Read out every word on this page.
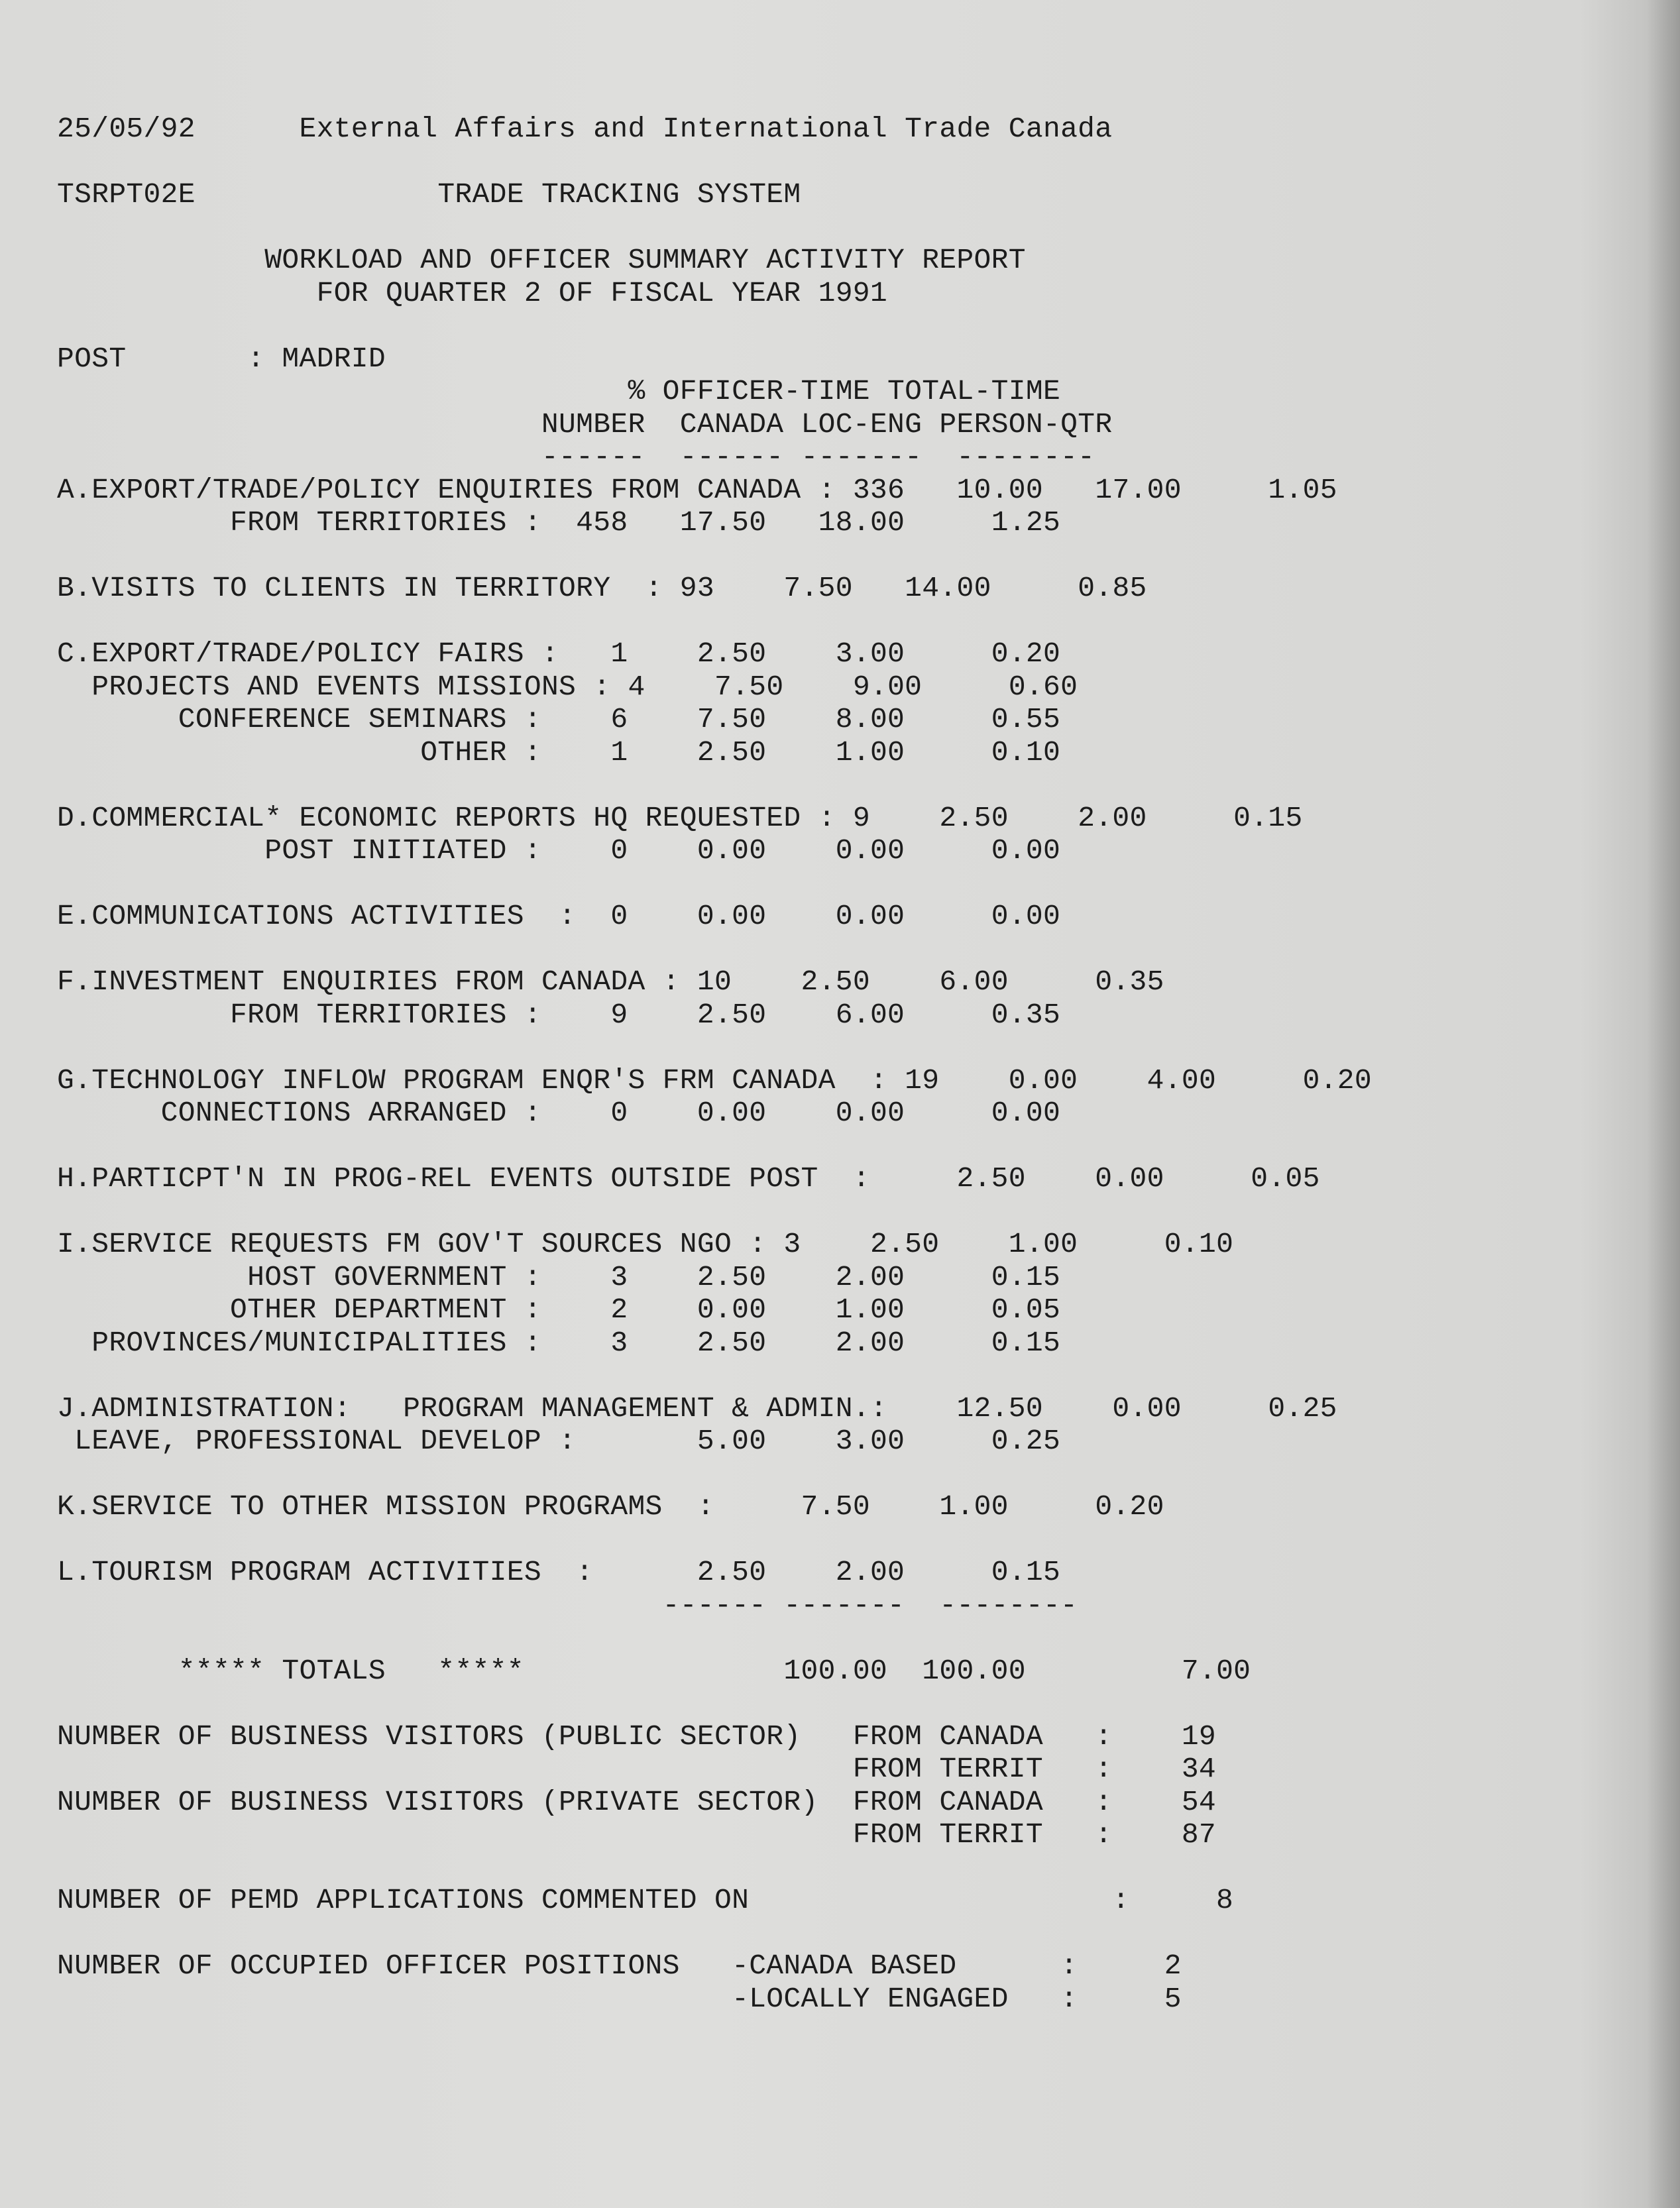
25/05/92	External Affairs and International Trade Canada
TSRPT02E	TRADE TRACKING SYSTEM
WORKLOAD AND OFFICER SUMMARY ACTIVITY REPORT
FOR QUARTER 2 OF FISCAL YEAR 1991
POST       : MADRID
% OFFICER-TIME TOTAL-TIME
NUMBER CANADA LOC-ENG PERSON-QTR
------  ------ -------  --------
A.EXPORT/TRADE/POLICY ENQUIRIES FROM CANADA : 336 10.00 17.00	1.05
FROM TERRITORIES : 458 17.50 18.00	1.25
B.VISITS TO CLIENTS IN TERRITORY  : 93 7.50 14.00	0.85
C.EXPORT/TRADE/POLICY FAIRS : 1 2.50 3.00	0.20
PROJECTS AND EVENTS MISSIONS : 4 7.50 9.00	0.60
CONFERENCE SEMINARS : 6 7.50 8.00	0.55
OTHER : 1 2.50 1.00	0.10
D.COMMERCIAL* ECONOMIC REPORTS HQ REQUESTED : 9 2.50 2.00	0.15
POST INITIATED : 0 0.00 0.00	0.00
E.COMMUNICATIONS ACTIVITIES  : 0 0.00 0.00	0.00
F.INVESTMENT ENQUIRIES FROM CANADA : 10 2.50 6.00	0.35
FROM TERRITORIES : 9 2.50 6.00	0.35
G.TECHNOLOGY INFLOW PROGRAM ENQR'S FRM CANADA  : 19 0.00 4.00	0.20
CONNECTIONS ARRANGED : 0 0.00 0.00	0.00
H.PARTICPT'N IN PROG-REL EVENTS OUTSIDE POST  :	2.50 0.00	0.05
I.SERVICE REQUESTS FM GOV'T SOURCES NGO : 3 2.50 1.00	0.10
HOST GOVERNMENT : 3 2.50 2.00	0.15
OTHER DEPARTMENT : 2 0.00 1.00	0.05
PROVINCES/MUNICIPALITIES : 3 2.50 2.00	0.15
J.ADMINISTRATION:   PROGRAM MANAGEMENT & ADMIN.: 12.50 0.00	0.25
LEAVE, PROFESSIONAL DEVELOP :	5.00 3.00	0.25
K.SERVICE TO OTHER MISSION PROGRAMS  :	7.50 1.00	0.20
L.TOURISM PROGRAM ACTIVITIES  :	2.50 2.00	0.15
------ -------  --------
***** TOTALS   *****	100.00 100.00	7.00
NUMBER OF BUSINESS VISITORS (PUBLIC SECTOR) FROM CANADA   : 19
FROM TERRIT   : 34
NUMBER OF BUSINESS VISITORS (PRIVATE SECTOR) FROM CANADA   : 54
FROM TERRIT   : 87
NUMBER OF PEMD APPLICATIONS COMMENTED ON	:	8
NUMBER OF OCCUPIED OFFICER POSITIONS -CANADA BASED	:	2
-LOCALLY ENGAGED :	5
